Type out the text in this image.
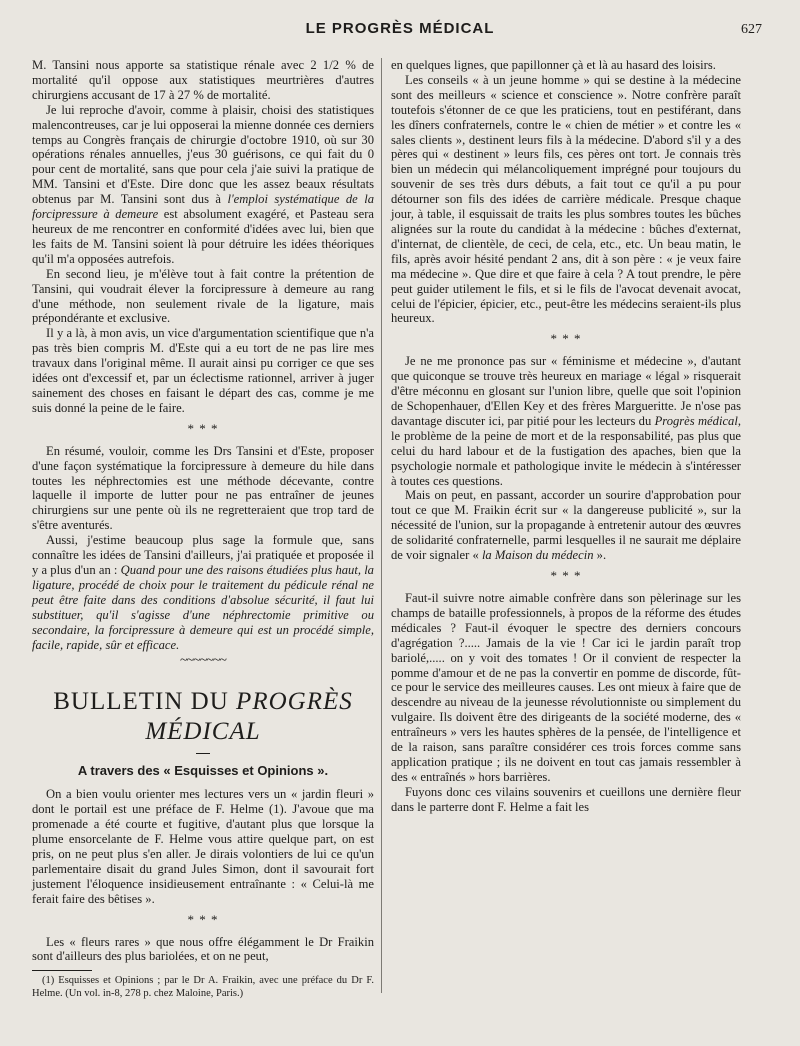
LE PROGRÈS MÉDICAL	627

M. Tansini nous apporte sa statistique rénale avec 2 1/2 % de mortalité qu'il oppose aux statistiques meurtrières d'autres chirurgiens accusant de 17 à 27 % de mortalité.

Je lui reproche d'avoir, comme à plaisir, choisi des statistiques malencontreuses, car je lui opposerai la mienne donnée ces derniers temps au Congrès français de chirurgie d'octobre 1910, où sur 30 opérations rénales annuelles, j'eus 30 guérisons, ce qui fait du 0 pour cent de mortalité, sans que pour cela j'aie suivi la pratique de MM. Tansini et d'Este. Dire donc que les assez beaux résultats obtenus par M. Tansini sont dus à l'emploi systématique de la forcipressure à demeure est absolument exagéré, et Pasteau sera heureux de me rencontrer en conformité d'idées avec lui, bien que les faits de M. Tansini soient là pour détruire les idées théoriques qu'il m'a opposées autrefois.

En second lieu, je m'élève tout à fait contre la prétention de Tansini, qui voudrait élever la forcipressure à demeure au rang d'une méthode, non seulement rivale de la ligature, mais prépondérante et exclusive.

Il y a là, à mon avis, un vice d'argumentation scientifique que n'a pas très bien compris M. d'Este qui a eu tort de ne pas lire mes travaux dans l'original même. Il aurait ainsi pu corriger ce que ses idées ont d'excessif et, par un éclectisme rationnel, arriver à juger sainement des choses en faisant le départ des cas, comme je me suis donné la peine de le faire.

* * *

En résumé, vouloir, comme les Drs Tansini et d'Este, proposer d'une façon systématique la forcipressure à demeure du hile dans toutes les néphrectomies est une méthode décevante, contre laquelle il importe de lutter pour ne pas entraîner de jeunes chirurgiens sur une pente où ils ne regretteraient que trop tard de s'être aventurés.

Aussi, j'estime beaucoup plus sage la formule que, sans connaître les idées de Tansini d'ailleurs, j'ai pratiquée et proposée il y a plus d'un an : Quand pour une des raisons étudiées plus haut, la ligature, procédé de choix pour le traitement du pédicule rénal ne peut être faite dans des conditions d'absolue sécurité, il faut lui substituer, qu'il s'agisse d'une néphrectomie primitive ou secondaire, la forcipressure à demeure qui est un procédé simple, facile, rapide, sûr et efficace.

~~~~~~~
BULLETIN DU PROGRÈS MÉDICAL
A travers des « Esquisses et Opinions ».

On a bien voulu orienter mes lectures vers un « jardin fleuri » dont le portail est une préface de F. Helme (1). J'avoue que ma promenade a été courte et fugitive, d'autant plus que lorsque la plume ensorcelante de F. Helme vous attire quelque part, on est pris, on ne peut plus s'en aller. Je dirais volontiers de lui ce qu'un parlementaire disait du grand Jules Simon, dont il savourait fort justement l'éloquence insidieusement entraînante : « Celui-là me ferait faire des bêtises ».

* * *

Les « fleurs rares » que nous offre élégamment le Dr Fraikin sont d'ailleurs des plus bariolées, et on ne peut,

(1) Esquisses et Opinions ; par le Dr A. Fraikin, avec une préface du Dr F. Helme. (Un vol. in-8, 278 p. chez Maloine, Paris.)

en quelques lignes, que papillonner çà et là au hasard des loisirs.

Les conseils « à un jeune homme » qui se destine à la médecine sont des meilleurs « science et conscience ». Notre confrère paraît toutefois s'étonner de ce que les praticiens, tout en pestiférant, dans les dîners confraternels, contre le « chien de métier » et contre les « sales clients », destinent leurs fils à la médecine. D'abord s'il y a des pères qui « destinent » leurs fils, ces pères ont tort. Je connais très bien un médecin qui mélancoliquement imprégné pour toujours du souvenir de ses très durs débuts, a fait tout ce qu'il a pu pour détourner son fils des idées de carrière médicale. Presque chaque jour, à table, il esquissait de traits les plus sombres toutes les bûches alignées sur la route du candidat à la médecine : bûches d'externat, d'internat, de clientèle, de ceci, de cela, etc., etc. Un beau matin, le fils, après avoir hésité pendant 2 ans, dit à son père : « je veux faire ma médecine ». Que dire et que faire à cela ? A tout prendre, le père peut guider utilement le fils, et si le fils de l'avocat devenait avocat, celui de l'épicier, épicier, etc., peut-être les médecins seraient-ils plus heureux.

* * *

Je ne me prononce pas sur « féminisme et médecine », d'autant que quiconque se trouve très heureux en mariage « légal » risquerait d'être méconnu en glosant sur l'union libre, quelle que soit l'opinion de Schopenhauer, d'Ellen Key et des frères Margueritte. Je n'ose pas davantage discuter ici, par pitié pour les lecteurs du Progrès médical, le problème de la peine de mort et de la responsabilité, pas plus que celui du hard labour et de la fustigation des apaches, bien que la psychologie normale et pathologique invite le médecin à s'intéresser à toutes ces questions.

Mais on peut, en passant, accorder un sourire d'approbation pour tout ce que M. Fraikin écrit sur « la dangereuse publicité », sur la nécessité de l'union, sur la propagande à entretenir autour des œuvres de solidarité confraternelle, parmi lesquelles il ne saurait me déplaire de voir signaler « la Maison du médecin ».

* * *

Faut-il suivre notre aimable confrère dans son pèlerinage sur les champs de bataille professionnels, à propos de la réforme des études médicales ? Faut-il évoquer le spectre des derniers concours d'agrégation ?..... Jamais de la vie ! Car ici le jardin paraît trop bariolé,..... on y voit des tomates ! Or il convient de respecter la pomme d'amour et de ne pas la convertir en pomme de discorde, fût-ce pour le service des meilleures causes. Les ont mieux à faire que de descendre au niveau de la jeunesse révolutionniste ou simplement du vulgaire. Ils doivent être des dirigeants de la société moderne, des « entraîneurs » vers les hautes sphères de la pensée, de l'intelligence et de la raison, sans paraître considérer ces trois forces comme sans application pratique ; ils ne doivent en tout cas jamais ressembler à des « entraînés » hors barrières.

Fuyons donc ces vilains souvenirs et cueillons une dernière fleur dans le parterre dont F. Helme a fait les
